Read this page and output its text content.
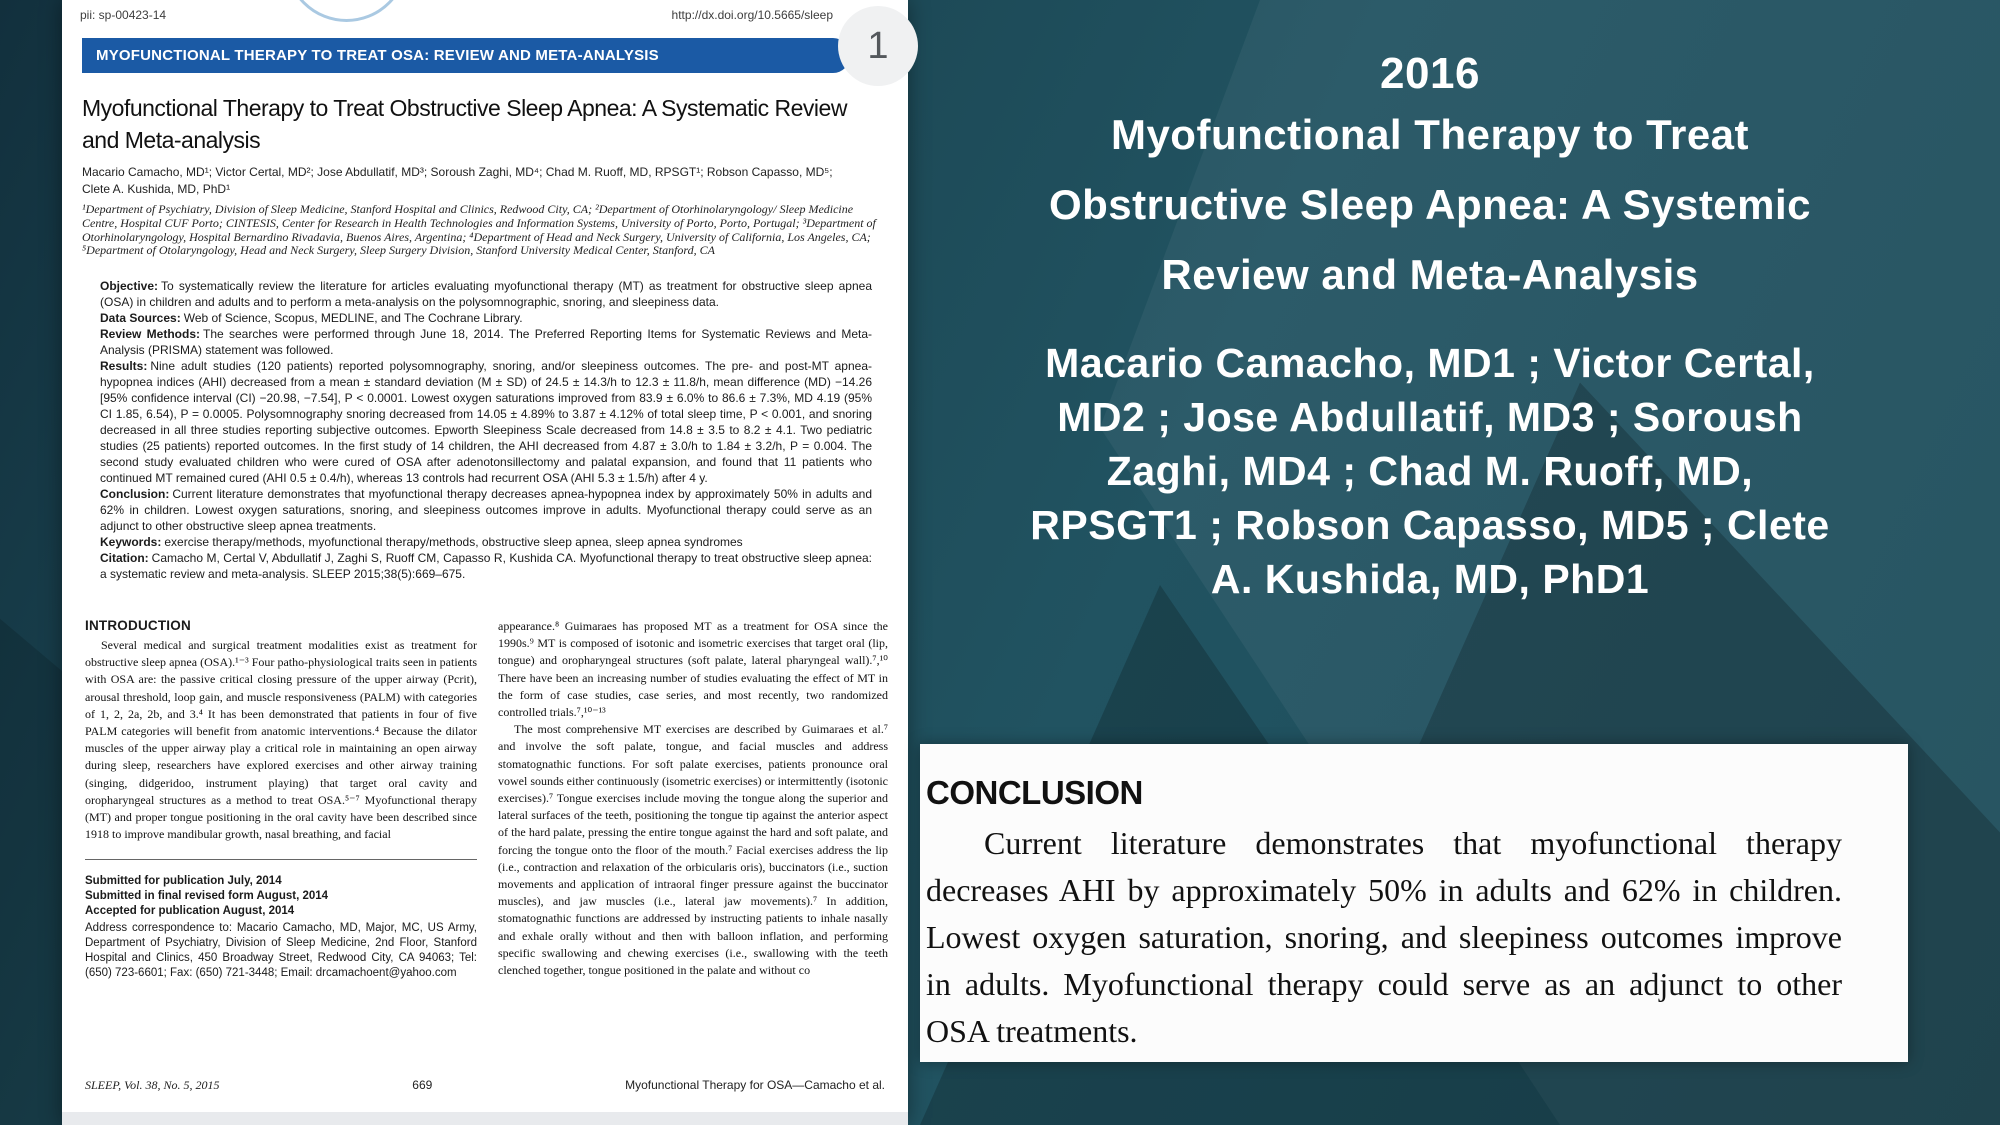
pii: sp-00423-14	http://dx.doi.org/10.5665/sleep
MYOFUNCTIONAL THERAPY TO TREAT OSA: REVIEW AND META-ANALYSIS
Myofunctional Therapy to Treat Obstructive Sleep Apnea: A Systematic Review
and Meta-analysis
Macario Camacho, MD¹; Victor Certal, MD²; Jose Abdullatif, MD³; Soroush Zaghi, MD⁴; Chad M. Ruoff, MD, RPSGT¹; Robson Capasso, MD⁵;
Clete A. Kushida, MD, PhD¹
¹Department of Psychiatry, Division of Sleep Medicine, Stanford Hospital and Clinics, Redwood City, CA; ²Department of Otorhinolaryngology/ Sleep Medicine Centre, Hospital CUF Porto; CINTESIS, Center for Research in Health Technologies and Information Systems, University of Porto, Porto, Portugal; ³Department of Otorhinolaryngology, Hospital Bernardino Rivadavia, Buenos Aires, Argentina; ⁴Department of Head and Neck Surgery, University of California, Los Angeles, CA; ⁵Department of Otolaryngology, Head and Neck Surgery, Sleep Surgery Division, Stanford University Medical Center, Stanford, CA

Objective: To systematically review the literature for articles evaluating myofunctional therapy (MT) as treatment for obstructive sleep apnea (OSA) in children and adults and to perform a meta-analysis on the polysomnographic, snoring, and sleepiness data.

Data Sources: Web of Science, Scopus, MEDLINE, and The Cochrane Library.

Review Methods: The searches were performed through June 18, 2014. The Preferred Reporting Items for Systematic Reviews and Meta-Analysis (PRISMA) statement was followed.

Results: Nine adult studies (120 patients) reported polysomnography, snoring, and/or sleepiness outcomes. The pre- and post-MT apnea-hypopnea indices (AHI) decreased from a mean ± standard deviation (M ± SD) of 24.5 ± 14.3/h to 12.3 ± 11.8/h, mean difference (MD) −14.26 [95% confidence interval (CI) −20.98, −7.54], P < 0.0001. Lowest oxygen saturations improved from 83.9 ± 6.0% to 86.6 ± 7.3%, MD 4.19 (95% CI 1.85, 6.54), P = 0.0005. Polysomnography snoring decreased from 14.05 ± 4.89% to 3.87 ± 4.12% of total sleep time, P < 0.001, and snoring decreased in all three studies reporting subjective outcomes. Epworth Sleepiness Scale decreased from 14.8 ± 3.5 to 8.2 ± 4.1. Two pediatric studies (25 patients) reported outcomes. In the first study of 14 children, the AHI decreased from 4.87 ± 3.0/h to 1.84 ± 3.2/h, P = 0.004. The second study evaluated children who were cured of OSA after adenotonsillectomy and palatal expansion, and found that 11 patients who continued MT remained cured (AHI 0.5 ± 0.4/h), whereas 13 controls had recurrent OSA (AHI 5.3 ± 1.5/h) after 4 y.

Conclusion: Current literature demonstrates that myofunctional therapy decreases apnea-hypopnea index by approximately 50% in adults and 62% in children. Lowest oxygen saturations, snoring, and sleepiness outcomes improve in adults. Myofunctional therapy could serve as an adjunct to other obstructive sleep apnea treatments.

Keywords: exercise therapy/methods, myofunctional therapy/methods, obstructive sleep apnea, sleep apnea syndromes

Citation: Camacho M, Certal V, Abdullatif J, Zaghi S, Ruoff CM, Capasso R, Kushida CA. Myofunctional therapy to treat obstructive sleep apnea: a systematic review and meta-analysis. SLEEP 2015;38(5):669–675.

INTRODUCTION

Several medical and surgical treatment modalities exist as treatment for obstructive sleep apnea (OSA).¹⁻³ Four patho-physiological traits seen in patients with OSA are: the passive critical closing pressure of the upper airway (Pcrit), arousal threshold, loop gain, and muscle responsiveness (PALM) with categories of 1, 2, 2a, 2b, and 3.⁴ It has been demonstrated that patients in four of five PALM categories will benefit from anatomic interventions.⁴ Because the dilator muscles of the upper airway play a critical role in maintaining an open airway during sleep, researchers have explored exercises and other airway training (singing, didgeridoo, instrument playing) that target oral cavity and oropharyngeal structures as a method to treat OSA.⁵⁻⁷ Myofunctional therapy (MT) and proper tongue positioning in the oral cavity have been described since 1918 to improve mandibular growth, nasal breathing, and facial

Submitted for publication July, 2014
Submitted in final revised form August, 2014
Accepted for publication August, 2014
Address correspondence to: Macario Camacho, MD, Major, MC, US Army, Department of Psychiatry, Division of Sleep Medicine, 2nd Floor, Stanford Hospital and Clinics, 450 Broadway Street, Redwood City, CA 94063; Tel: (650) 723-6601; Fax: (650) 721-3448; Email: drcamachoent@yahoo.com

appearance.⁸ Guimaraes has proposed MT as a treatment for OSA since the 1990s.⁹ MT is composed of isotonic and isometric exercises that target oral (lip, tongue) and oropharyngeal structures (soft palate, lateral pharyngeal wall).⁷,¹⁰ There have been an increasing number of studies evaluating the effect of MT in the form of case studies, case series, and most recently, two randomized controlled trials.⁷,¹⁰⁻¹³

The most comprehensive MT exercises are described by Guimaraes et al.⁷ and involve the soft palate, tongue, and facial muscles and address stomatognathic functions. For soft palate exercises, patients pronounce oral vowel sounds either continuously (isometric exercises) or intermittently (isotonic exercises).⁷ Tongue exercises include moving the tongue along the superior and lateral surfaces of the teeth, positioning the tongue tip against the anterior aspect of the hard palate, pressing the entire tongue against the hard and soft palate, and forcing the tongue onto the floor of the mouth.⁷ Facial exercises address the lip (i.e., contraction and relaxation of the orbicularis oris), buccinators (i.e., suction movements and application of intraoral finger pressure against the buccinator muscles), and jaw muscles (i.e., lateral jaw movements).⁷ In addition, stomatognathic functions are addressed by instructing patients to inhale nasally and exhale orally without and then with balloon inflation, and performing specific swallowing and chewing exercises (i.e., swallowing with the teeth clenched together, tongue positioned in the palate and without co

SLEEP, Vol. 38, No. 5, 2015	669	Myofunctional Therapy for OSA—Camacho et al.
1
2016
Myofunctional Therapy to Treat
Obstructive Sleep Apnea: A Systemic
Review and Meta-Analysis
Macario Camacho, MD1 ; Victor Certal,
MD2 ; Jose Abdullatif, MD3 ; Soroush
Zaghi, MD4 ; Chad M. Ruoff, MD,
RPSGT1 ; Robson Capasso, MD5 ; Clete
A. Kushida, MD, PhD1
CONCLUSION

Current literature demonstrates that myofunctional therapy decreases AHI by approximately 50% in adults and 62% in children. Lowest oxygen saturation, snoring, and sleepiness outcomes improve in adults. Myofunctional therapy could serve as an adjunct to other OSA treatments.
